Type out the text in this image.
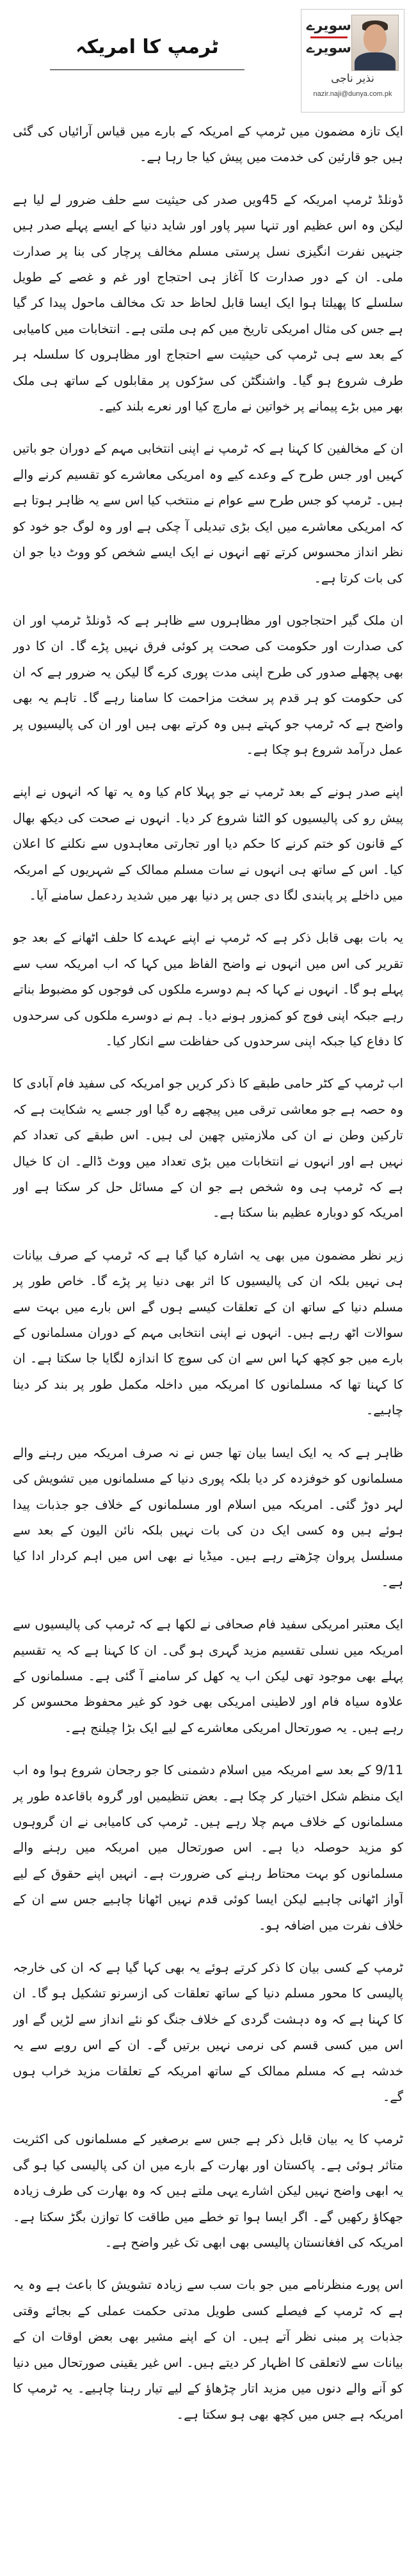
ٹرمپ کا امریکہ
سویرے
سویرے
نذیر ناجی
nazir.naji@dunya.com.pk

ایک تازہ مضمون میں ٹرمپ کے امریکہ کے بارے میں قیاس آرائیاں کی گئی ہیں جو قارئین کی خدمت میں پیش کیا جا رہا ہے۔

ڈونلڈ ٹرمپ امریکہ کے 45ویں صدر کی حیثیت سے حلف ضرور لے لیا ہے لیکن وہ اس عظیم اور تنہا سپر پاور اور شاید دنیا کے ایسے پہلے صدر ہیں جنہیں نفرت انگیزی نسل پرستی مسلم مخالف پرچار کی بنا پر صدارت ملی۔ ان کے دور صدارت کا آغاز ہی احتجاج اور غم و غصے کے طویل سلسلے کا پھیلتا ہوا ایک ایسا قابل لحاظ حد تک مخالف ماحول پیدا کر گیا ہے جس کی مثال امریکی تاریخ میں کم ہی ملتی ہے۔ انتخابات میں کامیابی کے بعد سے ہی ٹرمپ کی حیثیت سے احتجاج اور مظاہروں کا سلسلہ ہر طرف شروع ہو گیا۔ واشنگٹن کی سڑکوں پر مقابلوں کے ساتھ ہی ملک بھر میں بڑے پیمانے پر خواتین نے مارچ کیا اور نعرے بلند کیے۔

ان کے مخالفین کا کہنا ہے کہ ٹرمپ نے اپنی انتخابی مہم کے دوران جو باتیں کہیں اور جس طرح کے وعدے کیے وہ امریکی معاشرے کو تقسیم کرنے والے ہیں۔ ٹرمپ کو جس طرح سے عوام نے منتخب کیا اس سے یہ ظاہر ہوتا ہے کہ امریکی معاشرے میں ایک بڑی تبدیلی آ چکی ہے اور وہ لوگ جو خود کو نظر انداز محسوس کرتے تھے انہوں نے ایک ایسے شخص کو ووٹ دیا جو ان کی بات کرتا ہے۔

ان ملک گیر احتجاجوں اور مظاہروں سے ظاہر ہے کہ ڈونلڈ ٹرمپ اور ان کی صدارت اور حکومت کی صحت پر کوئی فرق نہیں پڑے گا۔ ان کا دور بھی پچھلے صدور کی طرح اپنی مدت پوری کرے گا لیکن یہ ضرور ہے کہ ان کی حکومت کو ہر قدم پر سخت مزاحمت کا سامنا رہے گا۔ تاہم یہ بھی واضح ہے کہ ٹرمپ جو کہتے ہیں وہ کرتے بھی ہیں اور ان کی پالیسیوں پر عمل درآمد شروع ہو چکا ہے۔

اپنے صدر ہونے کے بعد ٹرمپ نے جو پہلا کام کیا وہ یہ تھا کہ انہوں نے اپنے پیش رو کی پالیسیوں کو الٹنا شروع کر دیا۔ انہوں نے صحت کی دیکھ بھال کے قانون کو ختم کرنے کا حکم دیا اور تجارتی معاہدوں سے نکلنے کا اعلان کیا۔ اس کے ساتھ ہی انہوں نے سات مسلم ممالک کے شہریوں کے امریکہ میں داخلے پر پابندی لگا دی جس پر دنیا بھر میں شدید ردعمل سامنے آیا۔

یہ بات بھی قابل ذکر ہے کہ ٹرمپ نے اپنے عہدے کا حلف اٹھانے کے بعد جو تقریر کی اس میں انہوں نے واضح الفاظ میں کہا کہ اب امریکہ سب سے پہلے ہو گا۔ انہوں نے کہا کہ ہم دوسرے ملکوں کی فوجوں کو مضبوط بناتے رہے جبکہ اپنی فوج کو کمزور ہونے دیا۔ ہم نے دوسرے ملکوں کی سرحدوں کا دفاع کیا جبکہ اپنی سرحدوں کی حفاظت سے انکار کیا۔

اب ٹرمپ کے کٹر حامی طبقے کا ذکر کریں جو امریکہ کی سفید فام آبادی کا وہ حصہ ہے جو معاشی ترقی میں پیچھے رہ گیا اور جسے یہ شکایت ہے کہ تارکین وطن نے ان کی ملازمتیں چھین لی ہیں۔ اس طبقے کی تعداد کم نہیں ہے اور انہوں نے انتخابات میں بڑی تعداد میں ووٹ ڈالے۔ ان کا خیال ہے کہ ٹرمپ ہی وہ شخص ہے جو ان کے مسائل حل کر سکتا ہے اور امریکہ کو دوبارہ عظیم بنا سکتا ہے۔

زیر نظر مضمون میں بھی یہ اشارہ کیا گیا ہے کہ ٹرمپ کے صرف بیانات ہی نہیں بلکہ ان کی پالیسیوں کا اثر بھی دنیا پر پڑے گا۔ خاص طور پر مسلم دنیا کے ساتھ ان کے تعلقات کیسے ہوں گے اس بارے میں بہت سے سوالات اٹھ رہے ہیں۔ انہوں نے اپنی انتخابی مہم کے دوران مسلمانوں کے بارے میں جو کچھ کہا اس سے ان کی سوچ کا اندازہ لگایا جا سکتا ہے۔ ان کا کہنا تھا کہ مسلمانوں کا امریکہ میں داخلہ مکمل طور پر بند کر دینا چاہیے۔

ظاہر ہے کہ یہ ایک ایسا بیان تھا جس نے نہ صرف امریکہ میں رہنے والے مسلمانوں کو خوفزدہ کر دیا بلکہ پوری دنیا کے مسلمانوں میں تشویش کی لہر دوڑ گئی۔ امریکہ میں اسلام اور مسلمانوں کے خلاف جو جذبات پیدا ہوئے ہیں وہ کسی ایک دن کی بات نہیں بلکہ نائن الیون کے بعد سے مسلسل پروان چڑھتے رہے ہیں۔ میڈیا نے بھی اس میں اہم کردار ادا کیا ہے۔

ایک معتبر امریکی سفید فام صحافی نے لکھا ہے کہ ٹرمپ کی پالیسیوں سے امریکہ میں نسلی تقسیم مزید گہری ہو گی۔ ان کا کہنا ہے کہ یہ تقسیم پہلے بھی موجود تھی لیکن اب یہ کھل کر سامنے آ گئی ہے۔ مسلمانوں کے علاوہ سیاہ فام اور لاطینی امریکی بھی خود کو غیر محفوظ محسوس کر رہے ہیں۔ یہ صورتحال امریکی معاشرے کے لیے ایک بڑا چیلنج ہے۔

9/11 کے بعد سے امریکہ میں اسلام دشمنی کا جو رجحان شروع ہوا وہ اب ایک منظم شکل اختیار کر چکا ہے۔ بعض تنظیمیں اور گروہ باقاعدہ طور پر مسلمانوں کے خلاف مہم چلا رہے ہیں۔ ٹرمپ کی کامیابی نے ان گروہوں کو مزید حوصلہ دیا ہے۔ اس صورتحال میں امریکہ میں رہنے والے مسلمانوں کو بہت محتاط رہنے کی ضرورت ہے۔ انہیں اپنے حقوق کے لیے آواز اٹھانی چاہیے لیکن ایسا کوئی قدم نہیں اٹھانا چاہیے جس سے ان کے خلاف نفرت میں اضافہ ہو۔

ٹرمپ کے کسی بیان کا ذکر کرتے ہوئے یہ بھی کہا گیا ہے کہ ان کی خارجہ پالیسی کا محور مسلم دنیا کے ساتھ تعلقات کی ازسرنو تشکیل ہو گا۔ ان کا کہنا ہے کہ وہ دہشت گردی کے خلاف جنگ کو نئے انداز سے لڑیں گے اور اس میں کسی قسم کی نرمی نہیں برتیں گے۔ ان کے اس رویے سے یہ خدشہ ہے کہ مسلم ممالک کے ساتھ امریکہ کے تعلقات مزید خراب ہوں گے۔

ٹرمپ کا یہ بیان قابل ذکر ہے جس سے برصغیر کے مسلمانوں کی اکثریت متاثر ہوئی ہے۔ پاکستان اور بھارت کے بارے میں ان کی پالیسی کیا ہو گی یہ ابھی واضح نہیں لیکن اشارے یہی ملتے ہیں کہ وہ بھارت کی طرف زیادہ جھکاؤ رکھیں گے۔ اگر ایسا ہوا تو خطے میں طاقت کا توازن بگڑ سکتا ہے۔ امریکہ کی افغانستان پالیسی بھی ابھی تک غیر واضح ہے۔

اس پورے منظرنامے میں جو بات سب سے زیادہ تشویش کا باعث ہے وہ یہ ہے کہ ٹرمپ کے فیصلے کسی طویل مدتی حکمت عملی کے بجائے وقتی جذبات پر مبنی نظر آتے ہیں۔ ان کے اپنے مشیر بھی بعض اوقات ان کے بیانات سے لاتعلقی کا اظہار کر دیتے ہیں۔ اس غیر یقینی صورتحال میں دنیا کو آنے والے دنوں میں مزید اتار چڑھاؤ کے لیے تیار رہنا چاہیے۔ یہ ٹرمپ کا امریکہ ہے جس میں کچھ بھی ہو سکتا ہے۔
